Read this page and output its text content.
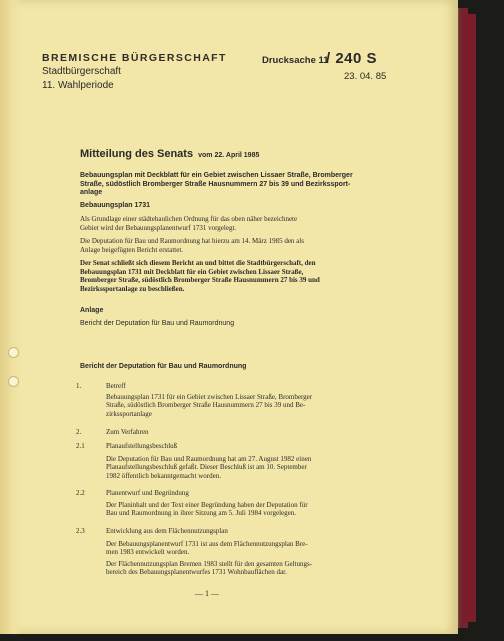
BREMISCHE BÜRGERSCHAFT
Stadtbürgerschaft
11. Wahlperiode
Drucksache 11
/ 240 S
23. 04. 85
Mitteilung des Senats vom 22. April 1985
Bebauungsplan mit Deckblatt für ein Gebiet zwischen Lissaer Straße, Bromberger
Straße, südöstlich Bromberger Straße Hausnummern 27 bis 39 und Bezirkssport-
anlage
Bebauungsplan 1731
Als Grundlage einer städtebaulichen Ordnung für das oben näher bezeichnete
Gebiet wird der Bebauungsplanentwurf 1731 vorgelegt.
Die Deputation für Bau und Raumordnung hat hierzu am 14. März 1985 den als
Anlage beigefügten Bericht erstattet.
Der Senat schließt sich diesem Bericht an und bittet die Stadtbürgerschaft, den
Bebauungsplan 1731 mit Deckblatt für ein Gebiet zwischen Lissaer Straße,
Bromberger Straße, südöstlich Bromberger Straße Hausnummern 27 bis 39 und
Bezirkssportanlage zu beschließen.
Anlage
Bericht der Deputation für Bau und Raumordnung
Bericht der Deputation für Bau und Raumordnung
1.	Betreff
Bebauungsplan 1731 für ein Gebiet zwischen Lissaer Straße, Bromberger
Straße, südöstlich Bromberger Straße Hausnummern 27 bis 39 und Be-
zirkssportanlage
2.	Zum Verfahren
2.1	Planaufstellungsbeschluß
Die Deputation für Bau und Raumordnung hat am 27. August 1982 einen
Planaufstellungsbeschluß gefaßt. Dieser Beschluß ist am 10. September
1982 öffentlich bekanntgemacht worden.
2.2	Planentwurf und Begründung
Der Planinhalt und der Text einer Begründung haben der Deputation für
Bau und Raumordnung in ihrer Sitzung am 5. Juli 1984 vorgelegen.
2.3	Entwicklung aus dem Flächennutzungsplan
Der Bebauungsplanentwurf 1731 ist aus dem Flächennutzungsplan Bre-
men 1983 entwickelt worden.
Der Flächennutzungsplan Bremen 1983 stellt für den gesamten Geltungs-
bereich des Bebauungsplanentwurfes 1731 Wohnbauflächen dar.
— 1 —
